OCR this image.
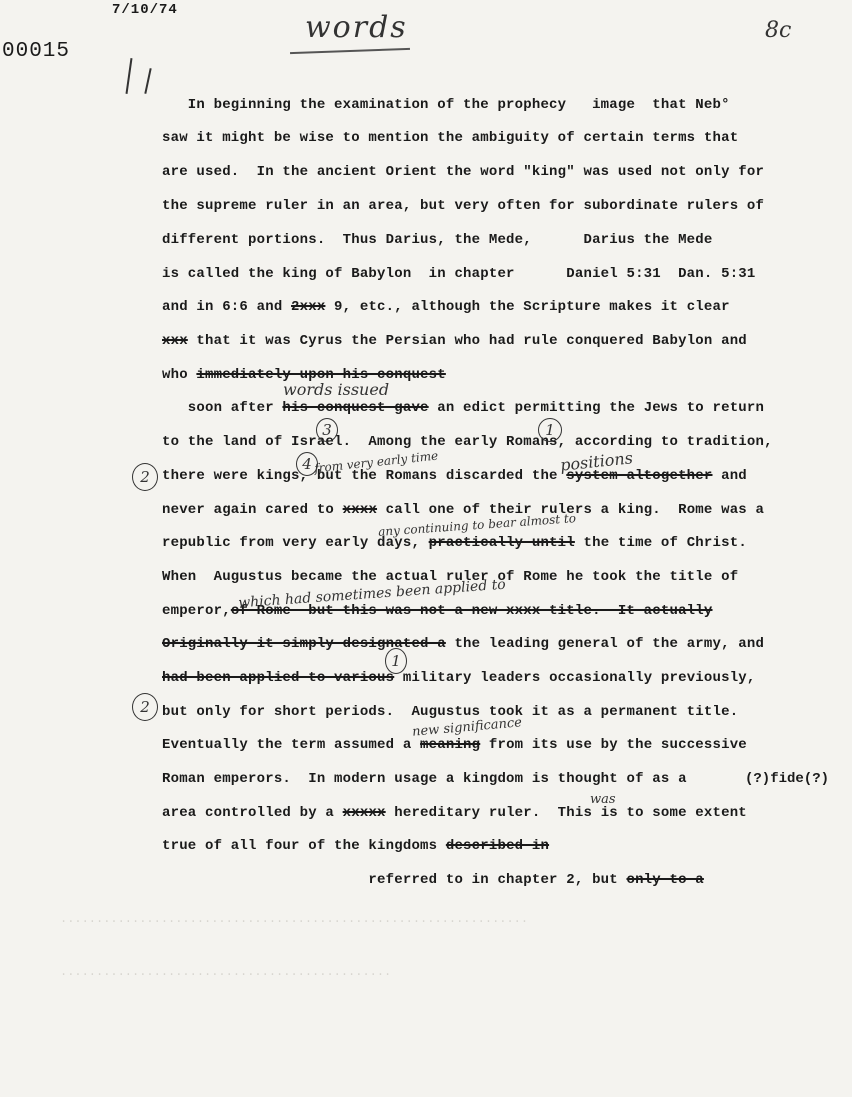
7/10/74
00015
words	8c
.................................................................
..............................................
In beginning the examination of the prophecy   image  that Neb°
saw it might be wise to mention the ambiguity of certain terms that
are used.  In the ancient Orient the word "king" was used not only for
the supreme ruler in an area, but very often for subordinate rulers of
different portions.  Thus Darius, the Mede,      Darius the Mede
is called the king of Babylon  in chapter      Daniel 5:31  Dan. 5:31
and in 6:6 and 2xxx 9, etc., although the Scripture makes it clear
xxx that it was Cyrus the Persian who had rule conquered Babylon and
who immediately upon his conquest
soon after his conquest gave an edict permitting the Jews to return
to the land of Israel.  Among the early Romans, according to tradition,
there were kings, but the Romans discarded the system altogether and
never again cared to xxxx call one of their rulers a king.  Rome was a
republic from very early days, practically until the time of Christ.
When  Augustus became the actual ruler of Rome he took the title of
emperor,of Rome  but this was not a new xxxx title.  It actually
Originally it simply designated a the leading general of the army, and
had been applied to various military leaders occasionally previously,
but only for short periods.  Augustus took it as a permanent title.
Eventually the term assumed a meaning from its use by the successive
Roman emperors.  In modern usage a kingdom is thought of as a
area controlled by a xxxxx hereditary ruler.  This is to some extent
true of all four of the kingdoms described in
referred to in chapter 2, but only to a
(?)fide(?)
words issued
from very early time	positions
any continuing to bear almost to
which had sometimes been applied to
new significance
was
3
4
1
1
2
2
